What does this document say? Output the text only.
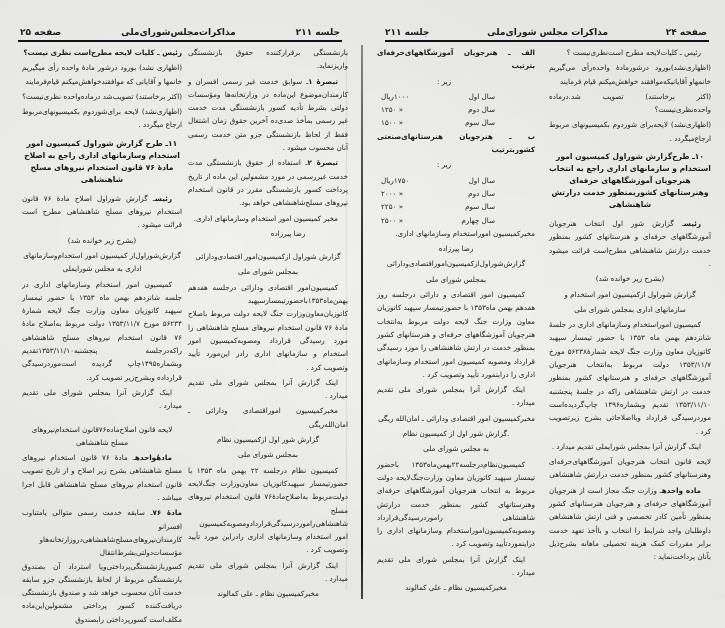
جلسه ۲۱۱
مذاکرات‌مجلس‌شورای‌ملی
صفحه ۲۵

رئیس ـ کلیات لایحه مطرح‌است نظری نیست؟

(اظهاری نشد) بورود درشور مادهٔ واحده رأی میگیریم خانمها و آقایانی که موافقند‌خواهش‌میکنم قیام‌فرمایند

(اکثر برخاستند) تصویب‌شد درماده‌واحده نظری‌نیست؟

(اظهاری‌نشد) لایحه برای‌شوردوم بکمیسیونهای‌مربوط ارجاع میگردد .

۱۱ـ طرح گزارش شوراول کمیسیون امور استخدام وسازمانهای اداری راجع به اصلاح مادهٔ ۷۶ قانون استخدام نیروهای مسلح شاهنشاهی

رئیسـ گزارش شوراول اصلاح مادهٔ ۷۶ قانون استخدام نیروهای مسلح شاهنشاهی مطرح است قرائت میشود .

(بشرح زیر خوانده شد)

گزارش‌شوراول‌از کمیسیون امور استخدام‌وسازمانهای اداری به مجلس شورایملی

کمیسیون امور استخدام وسازمانهای اداری در جلسه شانزدهم بهمن ماه ۱۳۵۳ با حضور تیمسار سپهبد کاتوزیان معاون وزارت جنگ لایحه شمارهٔ ۵۶۲۳۴ مورخ ۱۳۵۳/۱۱/۷ دولت مربوط به‌اصلاح مادهٔ ۷۶ قانون استخدام نیروهای مسلح شاهنشاهی راکه‌در‌جلسه پنجشنبه‌۱۳۵۳/۱۱/۱۰تقدیم وبشماره۱۴۹۵چاپ گردیده است‌موردرسیدگی قرارداده وبشرح‌زیر تصویب کرد.

اینک گزارش آنرا بمجلس شورای ملی تقدیم میدارد .

لایحه قانون اصلاح‌ماده‌۷۶قانون استخدام‌نیروهای مسلح شاهنشاهی

مادهٔواحدهـ مادهٔ ۷۶ قانون استخدام نیروهای مسلح شاهنشاهی بشرح زیر اصلاح و از تاریخ تصویب قانون استخدام نیروهای مسلح شاهنشاهی قابل اجرا میباشد .

مادهٔ ۷۶ـ سابقه خدمت رسمی متوالی یامتناوب افسرانو کارمندان‌نیروهای‌مسلح‌شاهنشاهی‌دروزارتخانه‌هاو مؤسسات‌دولتی‌بشرط‌انتقال کسوربازنشستگی‌پرداختی‌ویا استرداد آن بصندوق بازنشستگی مربوط از لحاظ بازنشستگی جزو سابقه خدمت آنان محسوب خواهد شد و صندوق بازنشستگی دریافت‌کننده کسور پرداختی مشمولین‌این‌ماده مکلف‌است کسورپرداختی رابصندوق

بازنشستگی برقرارکننده حقوق بازنشستگی واریزنماید.

تبصرهٔ ۱ـ سوابق خدمت غیر رسمی افسران و کارمندان‌موضوع این‌ماده در وزارتخانه‌ها ومؤسسات دولتی بشرط تأدیه کسور بازنشستگی مدت خدمت غیر رسمی بمأخذ صدی‌ده آخرین حقوق زمان اشتغال فقط از لحاظ بازنشستگی جزو متن خدمت رسمی آنان محسوب میشود .

تبصرهٔ ۲ـ استفاده از حقوق بازنشستگی مدت خدمت غیررسمی در مورد مشمولین این ماده از تاریخ پرداخت کسور بازنشستگی مقرر در قانون استخدام نیروهای مسلح‌شاهنشاهی خواهد بود.

مخبر کمیسیون امور استخدام وسازمانهای اداری.

رضا پیرزاده

گزارش شوراول ازکمیسیون‌امور اقتصادی‌ودارائی

بمجلس شورای ملی

کمیسیون‌امور اقتصادی ودارائی درجلسه هفدهم بهمن‌ماه‌۱۳۵۳‌باحضورتیمسارسپهبد کاتوزیان‌معاون‌وزارت جنگ لایحه دولت مربوط باصلاح مادهٔ ۷۶ قانون استخدام نیروهای مسلح شاهنشاهی را مورد رسیدگی قرارداد ومصوبه‌کمیسیون امور استخدام و سازمانهای اداری رادر این‌مورد تأیید وتصویب کرد .

اینک گزارش آنرا بمجلس شورای ملی تقدیم میدارد .

مخبرکمیسیون امور‌اقتصادی ودارائی ـ امان‌الله‌ریگی

گزارش شور اول ازکمیسیون نظام

بمجلس شورای ملی

کمیسیون نظام درجلسه ۲۲ بهمن ماه ۱۳۵۳ با حضورتیمسار سپهبد‌کاتوزیان معاون‌وزارت جنگ‌لایحه دولت‌مربوط به‌اصلاح‌مادهٔ‌۷۶ قانون استخدام نیروهای مسلح شاهنشاهی‌راموردرسیدگی‌قرارداد‌ومصوبه‌کمیسیون امور استخدام وسازمانهای اداری رادراین مورد تأیید وتصویب کرد .

اینک گزارش آنرا بمجلس شورای ملی تقدیم میدارد .

مخبرکمیسیون نظام ـ علی کمالوند

صفحه ۲۴
مذاکرات مجلس شورای‌ملی
جلسه ۲۱۱

رئیس ـ کلیات‌لایحه مطرح است‌نظری‌نیست ؟

(اظهاری‌نشد)بورود درشورمادهٔ واحده‌رأی می‌گیریم خانمهاو آقایانیکه‌موافقند خواهش‌میکنم قیام فرمایند

(اکثر برخاستند) تصویب شد.درماده واحده‌نظری‌نیست؟

(اظهاری‌نشد) لایحه‌برای شوردوم بکمیسیونهای مربوط ارجاع‌میگردد .

۱۰ـ طرح‌گزارش شوراول کمیسیون امور استخدام و سازمانهای اداری راجع به انتخاب هنرجویان آموزشگاههای حرفه‌ای وهنرستانهای کشوربمنظور خدمت درارتش شاهنشاهی

رئیسـ گزارش شور اول انتخاب هنرجویان آموزشگاههای حرفه‌ای و هنرستانهای کشور بمنظور خدمت درارتش شاهنشاهی مطرح‌است قرائت میشود .

(بشرح زیر خوانده شد)

گزارش شوراول ازکمیسیون امور استخدام و

سازمانهای اداری بمجلس شورای ملی

کمیسیون اموراستخدام وسازمانهای اداری در جلسهٔ شانزدهم بهمن ماه ۱۳۵۳ با حضور تیمسار سپهبد کاتوزیان معاون وزارت جنگ لایحه شمارهٔ۵۶۲۳۸ مورخ ۱۳۵۳/۱۱/۷ دولت مربوط به‌انتخاب هنرجویان آموزشگاههای حرفه‌ای و هنرستانهای کشور بمنظور خدمت در ارتش شاهنشاهی راکه در جلسهٔ پنجشنبه ۱۳۵۳/۱۱/۱۰ تقدیم وبشماره۱۴۹۶ چاپ‌گردیده‌است موردرسیدگی قرارداد وبااصلاحاتی بشرح زیرتصویب کرد .

اینک گزارش آنرا بمجلس شورایملی تقدیم میدارد .

لایحه قانون انتخاب هنرجویان آموزشگاههای‌حرفه‌ای وهنرستانهای کشور بمنظور خدمت درارتش شاهنشاهی

ماده واحدهـ وزارت جنگ مجاز است از هنرجویان آموزشگاههای حرفه‌ای و هنرجویان هنرستانهای کشور بمنظور تأمین کادر تخصصی و فنی ارتش شاهنشاهی داوطلبان واجد شرایط را انتخاب و باأخذ تعهد خدمت برابر مقررات کمک هزینه تحصیلی ماهانه بشرح‌ذیل بآنان پرداخت‌نماید :

الف ـ هنرجویان آموزشگاههای‌حرفه‌ای بترتیب

زیر :

سال اول	۱۰۰۰ریال
سال دوم	« ۱۲۵۰
سال سوم	« ۱۵۰۰

ب ـ هنرجویان هنرستانهای‌صنعتی کشور‌بترتیب

زیر :

سال اول	۱۷۵۰ریال
سال دوم	« ۲۰۰۰
سال سوم	« ۲۲۵۰
سال چهارم	« ۲۵۰۰

مخبرکمیسیون اموراستخدام وسازمانهای اداری.

رضا پیرزاده

گزارش‌شوراول‌ازکمیسیون‌امور‌اقتصادی‌ودارائی

بمجلس شورای ملی

کمیسیون امور اقتصادی و دارائی درجلسه روز هفدهم بهمن ماه۱۳۵۳ با حضورتیمسار سپهبد کاتوزیان معاون وزارت جنگ لایحه دولت مربوط به‌انتخاب هنرجویان آموزشگاههای حرفه‌ای و هنرستانهای کشور بمنظور خدمت در ارتش شاهنشاهی را مورد رسیدگی قرارداد ومصوبه کمیسیون امور استخدام وسازمانهای اداری را درابنمورد تأیید وتصویب کرد .

اینک گزارش آنرا بمجلس شورای ملی تقدیم میدارد .

مخبرکمیسیون امور اقتصادی ودارائی ـ امان‌الله ریگی

.گزارش شور اول از کمیسیون نظام

به مجلس شورای ملی

کمیسیون‌نظام‌درجلسه۲۲بهمن‌ماه۱۳۵۳ باحضور تیمسار سپهبد کاتوزیان معاون وزارت‌جنگ‌لایحه دولت مربوط به انتخاب هنرجویان آموزشگاههای حرفه‌ای وهنرستانهای کشور بمنظور خدمت درارتش شاهنشاهی راموردرسیدگی‌قرارداد ومصوبه‌کمیسیون‌امور‌استخدام وسازمانهای اداری را دراینمورد‌تأیید وتصویب کرد .

اینک گزارش آنرا بمجلس شورای ملی تقدیم میدارد .

مخبرکمیسیون نظام ـ علی کمالوند
